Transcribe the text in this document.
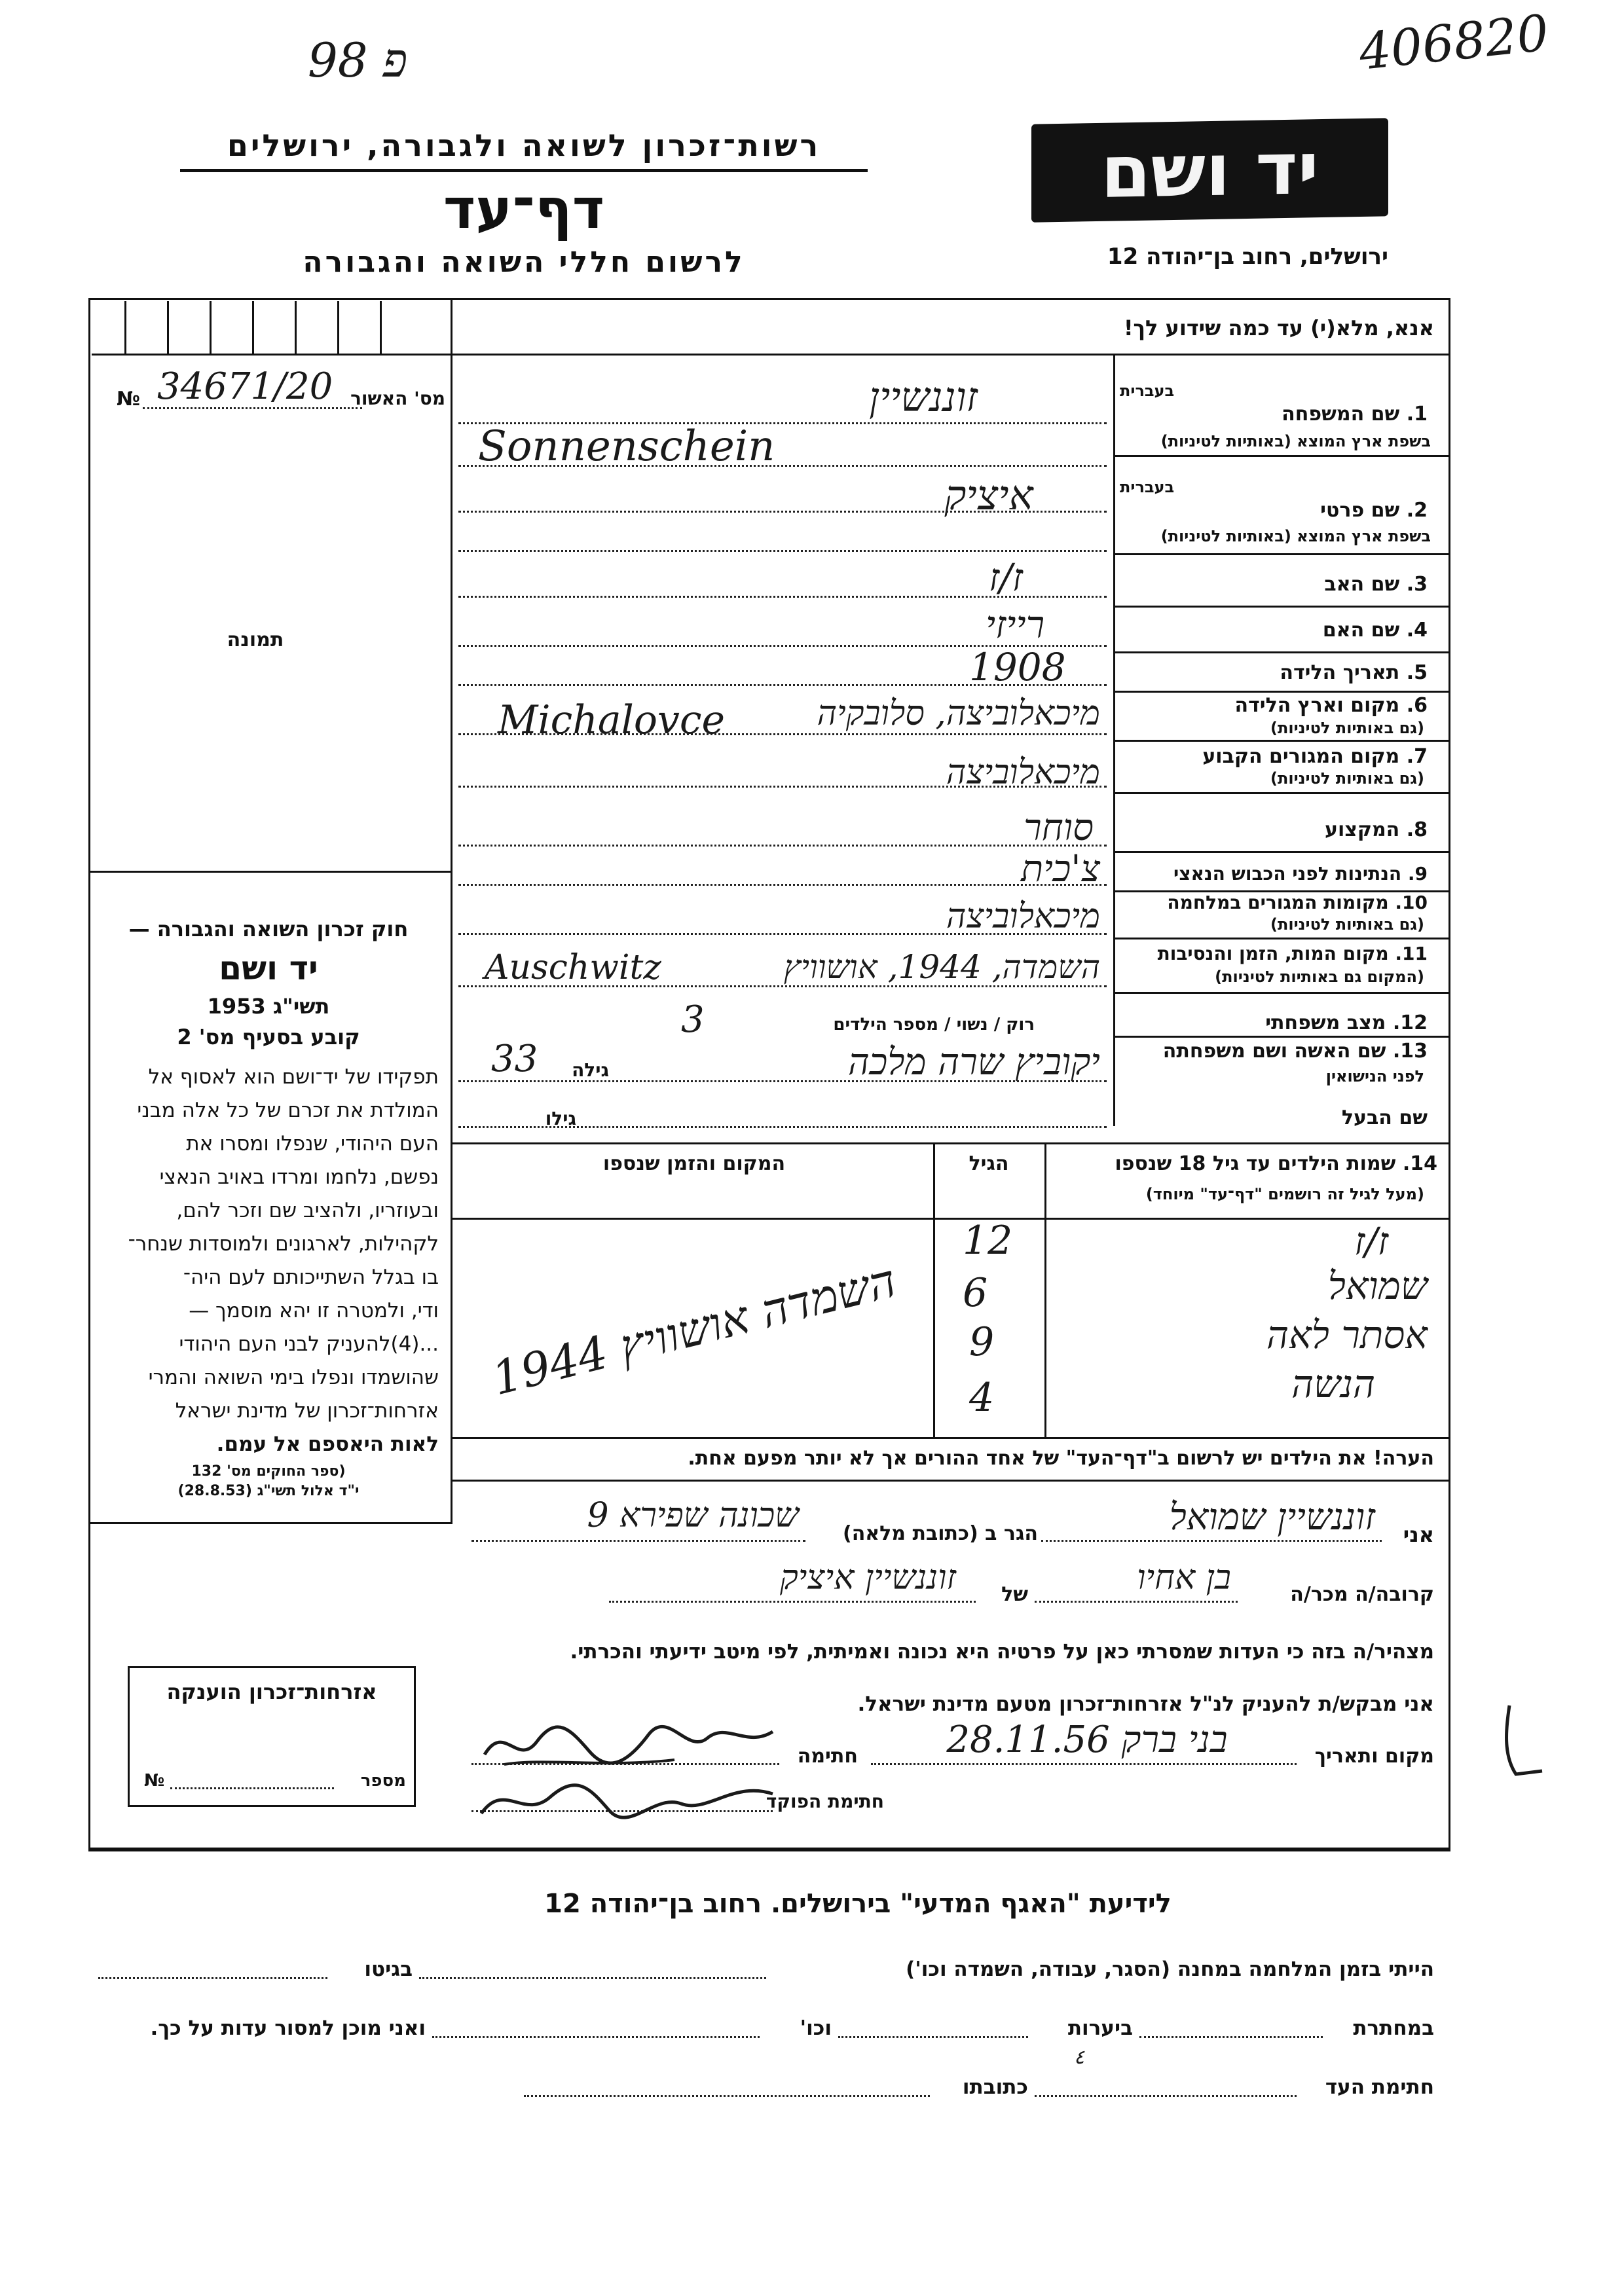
פ 98	406820
רשות־זכרון לשואה ולגבורה, ירושלים
דף־עד
לרשום חללי השואה והגבורה
יד ושם
ירושלים, רחוב בן־יהודה 12
אנא, מלא(י) עד כמה שידוע לך!
№ 34671/20 מס' האשור
תמונה
1. שם המשפחה
בעברית
בשפת ארץ המוצא (באותיות לטיניות)
בעברית
2. שם פרטי
בשפת ארץ המוצא (באותיות לטיניות)
3. שם האב
4. שם האם
5. תאריך הלידה
6. מקום וארץ הלידה
(גם באותיות לטיניות)
7. מקום המגורים הקבוע
(גם באותיות לטיניות)
8. המקצוע
9. הנתינות לפני הכבוש הנאצי
10. מקומות המגורים במלחמה
(גם באותיות לטיניות)
11. מקום המות, הזמן והנסיבות
(המקום גם באותיות לטיניות)
12. מצב משפחתי
13. שם האשה ושם משפחתה
לפני הנישואין
שם הבעל
זוננשיין
Sonnenschein
איציק
ז/ז
רייזי
1908
מיכאלוביצה, סלובקיה
Michalovce
מיכאלוביצה
סוחר
צ'כית
מיכאלוביצה
השמדה, 1944, אושוויץ
Auschwitz
רוק / נשוי / מספר הילדים
3
יקוביץ שרה מלכה
גילה
33
גילו
14. שמות הילדים עד גיל 18 שנספו
(מעל לגיל זה רושמים "דף־עד" מיוחד)
הגיל
המקום והזמן שנספו
ז/ז
שמואל
אסתר לאה
הנשה
12
6
9
4
השמדה אושוויץ 1944
הערה! את הילדים יש לרשום ב"דף־העד" של אחד ההורים אך לא יותר מפעם אחת.
חוק זכרון השואה והגבורה —
יד ושם
1953 תשי"ג
קובע בסעיף מס' 2
תפקידו של יד־ושם הוא לאסוף אל
המולדת את זכרם של כל אלה מבני
העם היהודי, שנפלו ומסרו את
נפשם, נלחמו ומרדו באויב הנאצי
ובעוזריו, ולהציב שם וזכר להם,
לקהילות, לארגונים ולמוסדות שנחר־
בו בגלל השתייכותם לעם היה־
ודי, ולמטרה זו יהא מוסמך —
...(4)להעניק לבני העם היהודי
שהושמדו ונפלו בימי השואה והמרי
אזרחות־זכרון של מדינת ישראל
לאות היאספם אל עמם.
(ספר החוקים מס' 132
י"ד אלול תשי"ג (28.8.53)
אני
זוננשיין שמואל
הגר ב (כתובת מלאה)
שכונה שפירא 9
קרובה/ה מכר/ה
בן אחיו
של
זוננשיין איציק
מצהיר/ה בזה כי העדות שמסרתי כאן על פרטיה היא נכונה ואמיתית, לפי מיטב ידיעתי והכרתי.
אני מבקש/ת להעניק לנ"ל אזרחות־זכרון מטעם מדינת ישראל.
מקום ותאריך
בני ברק 28.11.56
חתימה
חתימת הפוקד
אזרחות־זכרון הוענקה
מספר
№
לידיעת "האגף המדעי" בירושלים. רחוב בן־יהודה 12
הייתי בזמן המלחמה במחנה (הסגר, עבודה, השמדה וכו')
בגיטו
במחתרת
ביערות
וכו'
ואני מוכן למסור עדות על כך.
חתימת העד
כתובתו
٤
